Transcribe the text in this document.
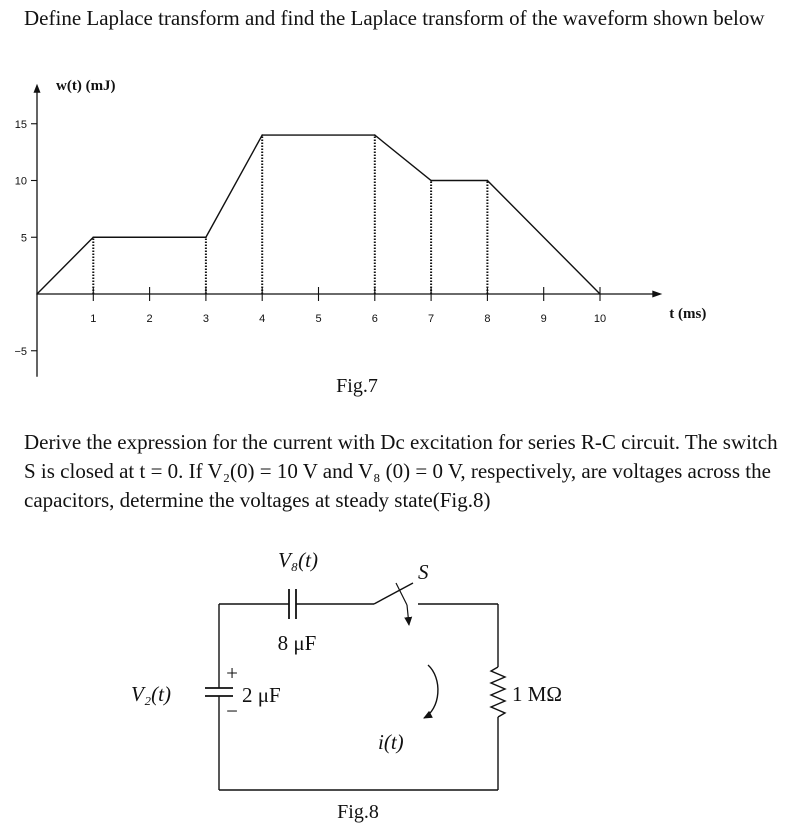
Define Laplace transform and find the Laplace transform of the waveform shown below

1	2	3	4	5	6	7	8	9	10
−5
5
10
15
w(t) (mJ)
t (ms)
Fig.7
V₈(t)
8 μF
V₂(t)	2 μF
+
−
S
1 MΩ
i(t)
Fig.8

Derive the expression for the current with Dc excitation for series R-C circuit. The switch S is closed at t = 0. If V₂(0) = 10 V and V₈ (0) = 0 V, respectively, are voltages across the capacitors, determine the voltages at steady state(Fig.8)
